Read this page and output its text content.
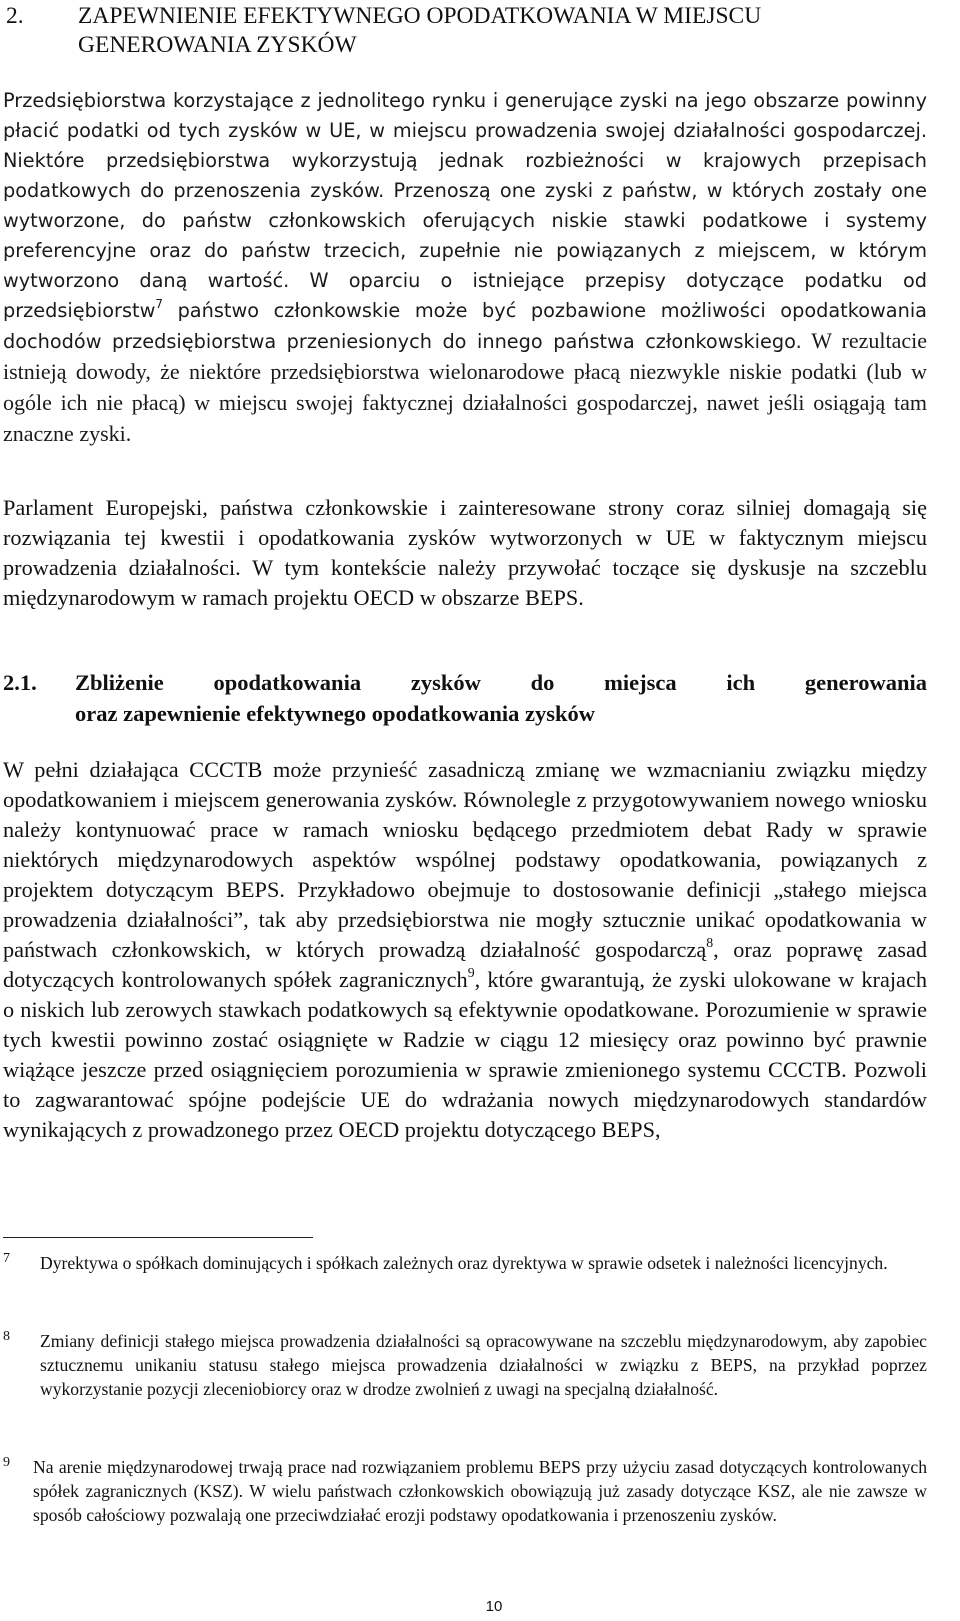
2. ZAPEWNIENIE EFEKTYWNEGO OPODATKOWANIA W MIEJSCU
GENEROWANIA ZYSKÓW

Przedsiębiorstwa korzystające z jednolitego rynku i generujące zyski na jego obszarze powinny płacić podatki od tych zysków w UE, w miejscu prowadzenia swojej działalności gospodarczej. Niektóre przedsiębiorstwa wykorzystują jednak rozbieżności w krajowych przepisach podatkowych do przenoszenia zysków. Przenoszą one zyski z państw, w których zostały one wytworzone, do państw członkowskich oferujących niskie stawki podatkowe i systemy preferencyjne oraz do państw trzecich, zupełnie nie powiązanych z miejscem, w którym wytworzono daną wartość. W oparciu o istniejące przepisy dotyczące podatku od przedsiębiorstw$^7$ państwo członkowskie może być pozbawione możliwości opodatkowania dochodów przedsiębiorstwa przeniesionych do innego państwa członkowskiego. W rezultacie istnieją dowody, że niektóre przedsiębiorstwa wielonarodowe płacą niezwykle niskie podatki (lub w ogóle ich nie płacą) w miejscu swojej faktycznej działalności gospodarczej, nawet jeśli osiągają tam znaczne zyski.

Parlament Europejski, państwa członkowskie i zainteresowane strony coraz silniej domagają się rozwiązania tej kwestii i opodatkowania zysków wytworzonych w UE w faktycznym miejscu prowadzenia działalności. W tym kontekście należy przywołać toczące się dyskusje na szczeblu międzynarodowym w ramach projektu OECD w obszarze BEPS.

2.1. Zbliżenie opodatkowania zysków do miejsca ich generowania
oraz zapewnienie efektywnego opodatkowania zysków

W pełni działająca CCCTB może przynieść zasadniczą zmianę we wzmacnianiu związku między opodatkowaniem i miejscem generowania zysków. Równolegle z przygotowywaniem nowego wniosku należy kontynuować prace w ramach wniosku będącego przedmiotem debat Rady w sprawie niektórych międzynarodowych aspektów wspólnej podstawy opodatkowania, powiązanych z projektem dotyczącym BEPS. Przykładowo obejmuje to dostosowanie definicji „stałego miejsca prowadzenia działalności”, tak aby przedsiębiorstwa nie mogły sztucznie unikać opodatkowania w państwach członkowskich, w których prowadzą działalność gospodarczą$^8$, oraz poprawę zasad dotyczących kontrolowanych spółek zagranicznych$^9$, które gwarantują, że zyski ulokowane w krajach o niskich lub zerowych stawkach podatkowych są efektywnie opodatkowane. Porozumienie w sprawie tych kwestii powinno zostać osiągnięte w Radzie w ciągu 12 miesięcy oraz powinno być prawnie wiążące jeszcze przed osiągnięciem porozumienia w sprawie zmienionego systemu CCCTB. Pozwoli to zagwarantować spójne podejście UE do wdrażania nowych międzynarodowych standardów wynikających z prowadzonego przez OECD projektu dotyczącego BEPS,

7 Dyrektywa o spółkach dominujących i spółkach zależnych oraz dyrektywa w sprawie odsetek i należności licencyjnych.
8 Zmiany definicji stałego miejsca prowadzenia działalności są opracowywane na szczeblu międzynarodowym, aby zapobiec sztucznemu unikaniu statusu stałego miejsca prowadzenia działalności w związku z BEPS, na przykład poprzez wykorzystanie pozycji zleceniobiorcy oraz w drodze zwolnień z uwagi na specjalną działalność.
9 Na arenie międzynarodowej trwają prace nad rozwiązaniem problemu BEPS przy użyciu zasad dotyczących kontrolowanych spółek zagranicznych (KSZ). W wielu państwach członkowskich obowiązują już zasady dotyczące KSZ, ale nie zawsze w sposób całościowy pozwalają one przeciwdziałać erozji podstawy opodatkowania i przenoszeniu zysków.
10
